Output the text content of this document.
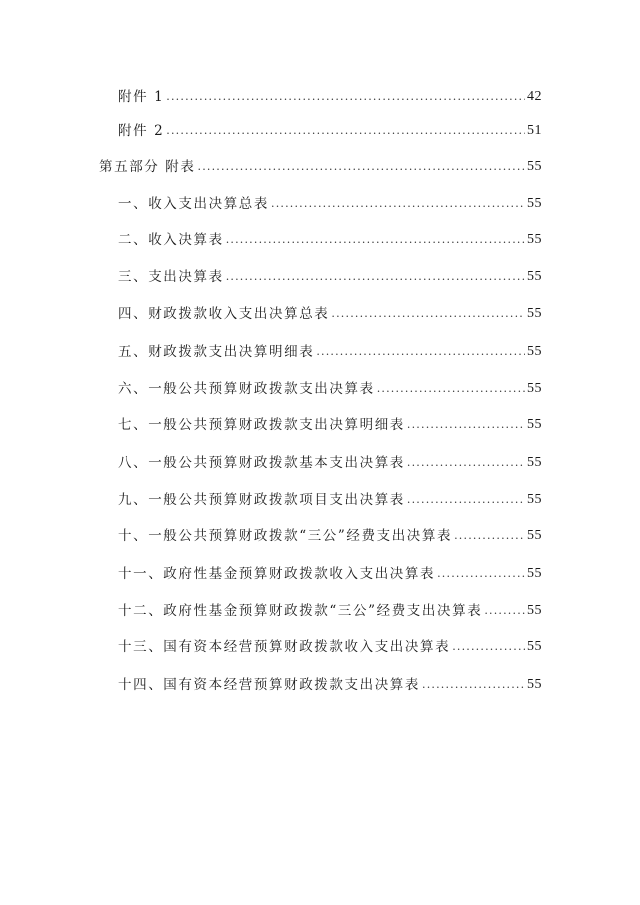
附件 1 .....	42
附件 2 .....	51
第五部分 附表 .....	55
一、收入支出决算总表 .....	55
二、收入决算表 .....	55
三、支出决算表 .....	55
四、财政拨款收入支出决算总表 .....	55
五、财政拨款支出决算明细表 .....	55
六、一般公共预算财政拨款支出决算表 .....	55
七、一般公共预算财政拨款支出决算明细表 .....	55
八、一般公共预算财政拨款基本支出决算表 .....	55
九、一般公共预算财政拨款项目支出决算表 .....	55
十、一般公共预算财政拨款“三公”经费支出决算表 .....	55
十一、政府性基金预算财政拨款收入支出决算表 .....	55
十二、政府性基金预算财政拨款“三公”经费支出决算表 .....	55
十三、国有资本经营预算财政拨款收入支出决算表 .....	55
十四、国有资本经营预算财政拨款支出决算表 .....	55
